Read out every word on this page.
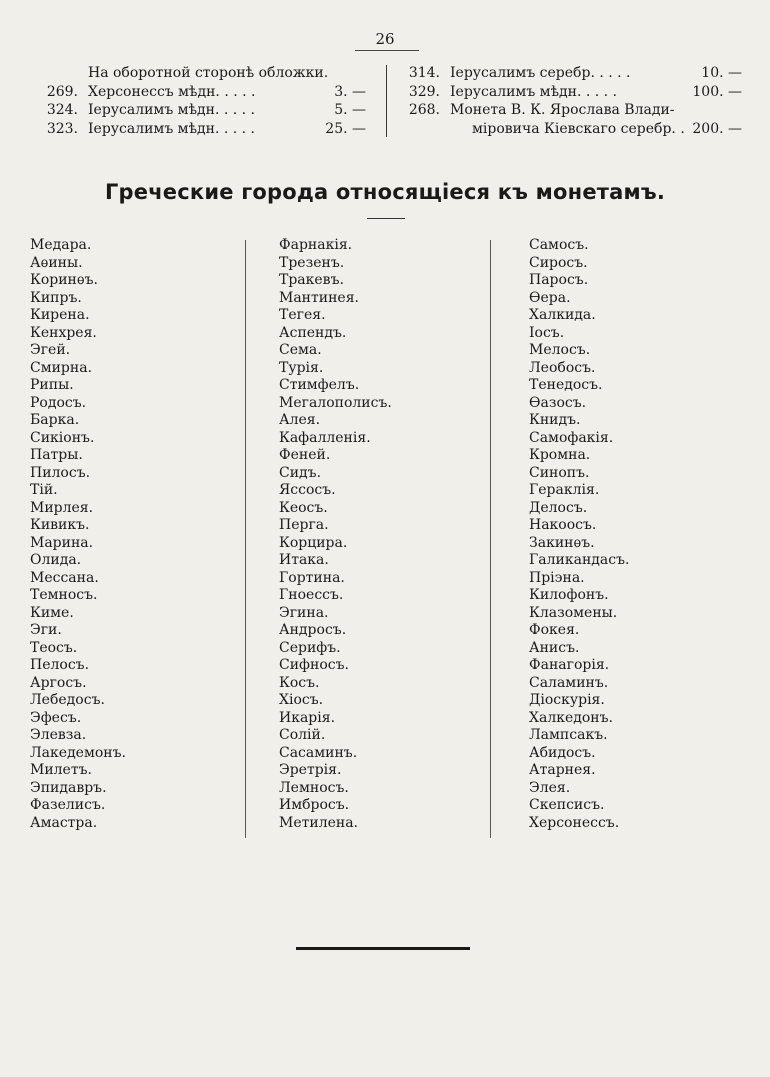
26
На оборотной сторонѣ обложки.
269. Херсонессъ мѣдн. . . . .	3. —
324. Іерусалимъ мѣдн. . . . .	5. —
323. Іерусалимъ мѣдн. . . . .	25. —
314. Іерусалимъ серебр. . . . .	10. —
329. Іерусалимъ мѣдн. . . . .	100. —
268. Монета В. К. Ярослава Влади-
міровича Кіевскаго серебр. . 200. —
Греческие города относящіеся къ монетамъ.
Медара.
Аѳины.
Коринѳъ.
Кипръ.
Кирена.
Кенхрея.
Эгей.
Смирна.
Рипы.
Родосъ.
Барка.
Сикіонъ.
Патры.
Пилосъ.
Тій.
Мирлея.
Кивикъ.
Марина.
Олида.
Мессана.
Темносъ.
Киме.
Эги.
Теосъ.
Пелосъ.
Аргосъ.
Лебедосъ.
Эфесъ.
Элевза.
Лакедемонъ.
Милетъ.
Эпидавръ.
Фазелисъ.
Амастра.
Фарнакія.
Трезенъ.
Тракевъ.
Мантинея.
Тегея.
Аспендъ.
Сема.
Турія.
Стимфелъ.
Мегалополисъ.
Алея.
Кафалленія.
Феней.
Сидъ.
Яссосъ.
Кеосъ.
Перга.
Корцира.
Итака.
Гортина.
Гноессъ.
Эгина.
Андросъ.
Серифъ.
Сифносъ.
Косъ.
Хіосъ.
Икарія.
Солій.
Сасаминъ.
Эретрія.
Лемносъ.
Имбросъ.
Метилена.
Самосъ.
Сиросъ.
Паросъ.
Ѳера.
Халкида.
Іосъ.
Мелосъ.
Леобосъ.
Тенедосъ.
Ѳазосъ.
Книдъ.
Самофакія.
Кромна.
Синопъ.
Гераклія.
Делосъ.
Накоосъ.
Закинѳъ.
Галикандасъ.
Пріэна.
Килофонъ.
Клазомены.
Фокея.
Анисъ.
Фанагорія.
Саламинъ.
Діоскурія.
Халкедонъ.
Лампсакъ.
Абидосъ.
Атарнея.
Элея.
Скепсисъ.
Херсонессъ.
